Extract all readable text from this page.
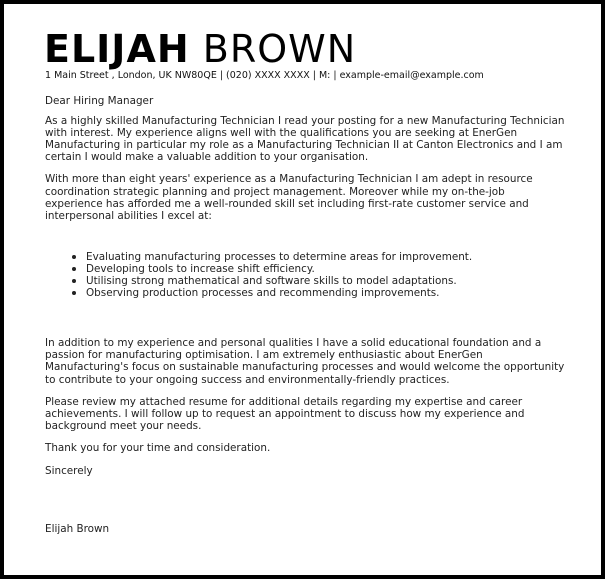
ELIJAH BROWN
1 Main Street , London, UK NW80QE | (020) XXXX XXXX | M: | example-email@example.com

Dear Hiring Manager

As a highly skilled Manufacturing Technician I read your posting for a new Manufacturing Technician with interest. My experience aligns well with the qualifications you are seeking at EnerGen Manufacturing in particular my role as a Manufacturing Technician II at Canton Electronics and I am certain I would make a valuable addition to your organisation.

With more than eight years' experience as a Manufacturing Technician I am adept in resource coordination strategic planning and project management. Moreover while my on-the-job experience has afforded me a well-rounded skill set including first-rate customer service and interpersonal abilities I excel at:

Evaluating manufacturing processes to determine areas for improvement.
Developing tools to increase shift efficiency.
Utilising strong mathematical and software skills to model adaptations.
Observing production processes and recommending improvements.

In addition to my experience and personal qualities I have a solid educational foundation and a passion for manufacturing optimisation. I am extremely enthusiastic about EnerGen Manufacturing's focus on sustainable manufacturing processes and would welcome the opportunity to contribute to your ongoing success and environmentally-friendly practices.

Please review my attached resume for additional details regarding my expertise and career achievements. I will follow up to request an appointment to discuss how my experience and background meet your needs.

Thank you for your time and consideration.

Sincerely

Elijah Brown
